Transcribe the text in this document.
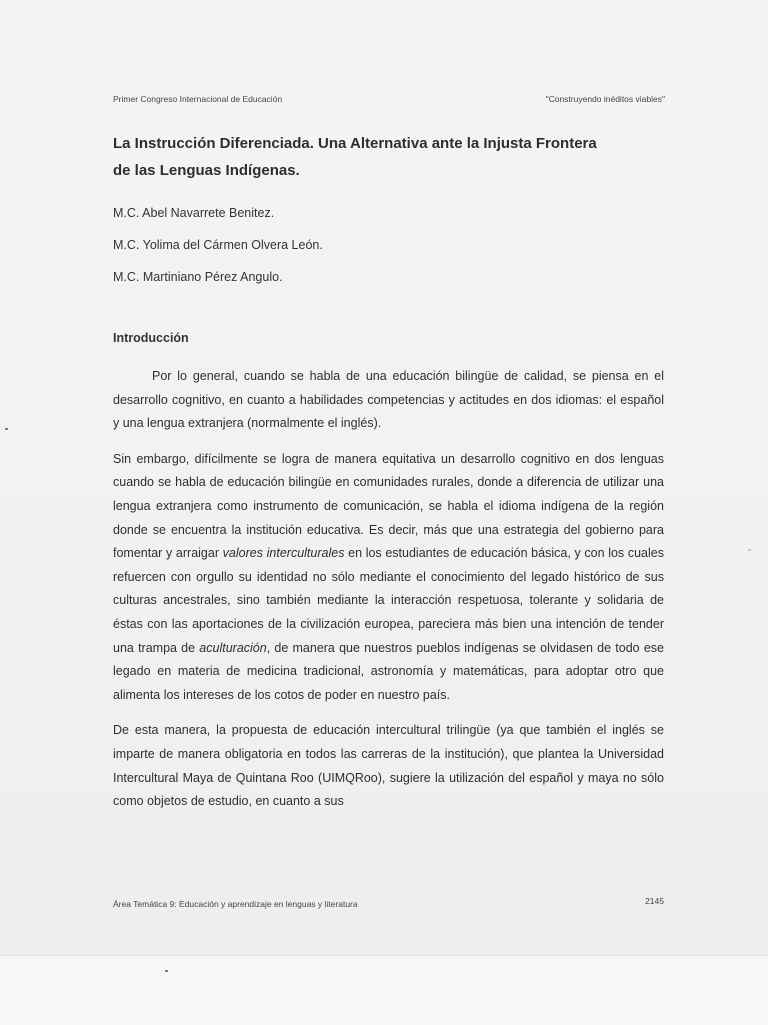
Primer Congreso Internacional de Educación	"Construyendo inéditos viables"
La Instrucción Diferenciada. Una Alternativa ante la Injusta Frontera
de las Lenguas Indígenas.
M.C. Abel Navarrete Benitez.
M.C. Yolima del Cármen Olvera León.
M.C. Martiniano Pérez Angulo.
Introducción

Por lo general, cuando se habla de una educación bilingüe de calidad, se piensa en el desarrollo cognitivo, en cuanto a habilidades competencias y actitudes en dos idiomas: el español y una lengua extranjera (normalmente el inglés).

Sin embargo, difícilmente se logra de manera equitativa un desarrollo cognitivo en dos lenguas cuando se habla de educación bilingüe en comunidades rurales, donde a diferencia de utilizar una lengua extranjera como instrumento de comunicación, se habla el idioma indígena de la región donde se encuentra la institución educativa. Es decir, más que una estrategia del gobierno para fomentar y arraigar valores interculturales en los estudiantes de educación básica, y con los cuales refuercen con orgullo su identidad no sólo mediante el conocimiento del legado histórico de sus culturas ancestrales, sino también mediante la interacción respetuosa, tolerante y solidaria de éstas con las aportaciones de la civilización europea, pareciera más bien una intención de tender una trampa de aculturación, de manera que nuestros pueblos indígenas se olvidasen de todo ese legado en materia de medicina tradicional, astronomía y matemáticas, para adoptar otro que alimenta los intereses de los cotos de poder en nuestro país.

De esta manera, la propuesta de educación intercultural trilingüe (ya que también el inglés se imparte de manera obligatoria en todos las carreras de la institución), que plantea la Universidad Intercultural Maya de Quintana Roo (UIMQRoo), sugiere la utilización del español y maya no sólo como objetos de estudio, en cuanto a sus

Área Temática 9: Educación y aprendizaje en lenguas y literatura	2145
